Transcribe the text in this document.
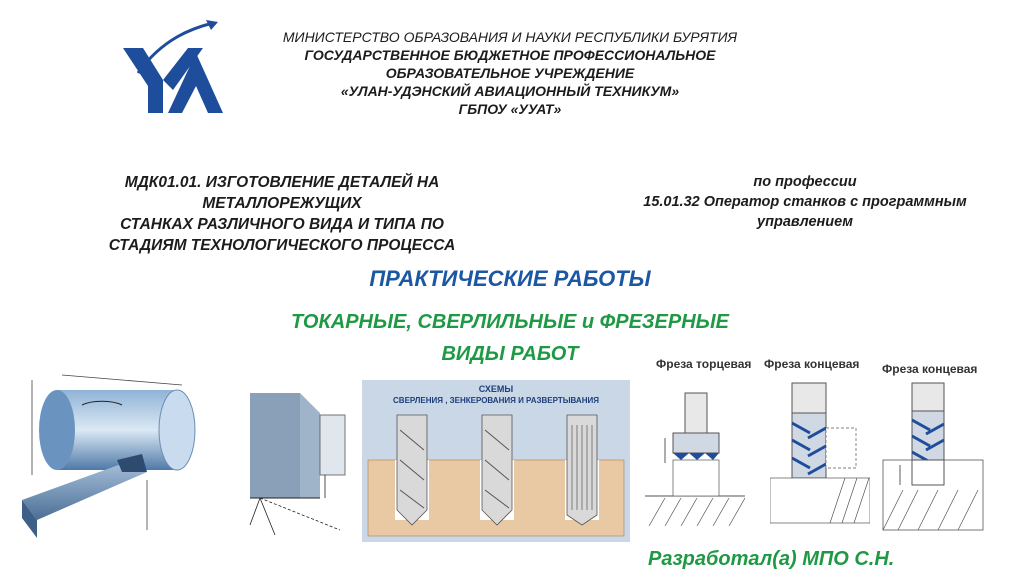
МИНИСТЕРСТВО ОБРАЗОВАНИЯ И НАУКИ РЕСПУБЛИКИ БУРЯТИЯ
ГОСУДАРСТВЕННОЕ БЮДЖЕТНОЕ ПРОФЕССИОНАЛЬНОЕ
ОБРАЗОВАТЕЛЬНОЕ УЧРЕЖДЕНИЕ
«УЛАН-УДЭНСКИЙ АВИАЦИОННЫЙ ТЕХНИКУМ»
ГБПОУ «УУАТ»
МДК01.01. ИЗГОТОВЛЕНИЕ ДЕТАЛЕЙ НА
МЕТАЛЛОРЕЖУЩИХ
СТАНКАХ РАЗЛИЧНОГО ВИДА И ТИПА ПО
СТАДИЯМ ТЕХНОЛОГИЧЕСКОГО ПРОЦЕССА
по профессии
15.01.32 Оператор станков с программным
управлением
ПРАКТИЧЕСКИЕ РАБОТЫ
ТОКАРНЫЕ, СВЕРЛИЛЬНЫЕ и ФРЕЗЕРНЫЕ
ВИДЫ РАБОТ
СХЕМЫ
СВЕРЛЕНИЯ , ЗЕНКЕРОВАНИЯ И РАЗВЕРТЫВАНИЯ
Фреза торцевая Фреза концевая Фреза концевая
Разработал(а) МПО С.Н.
